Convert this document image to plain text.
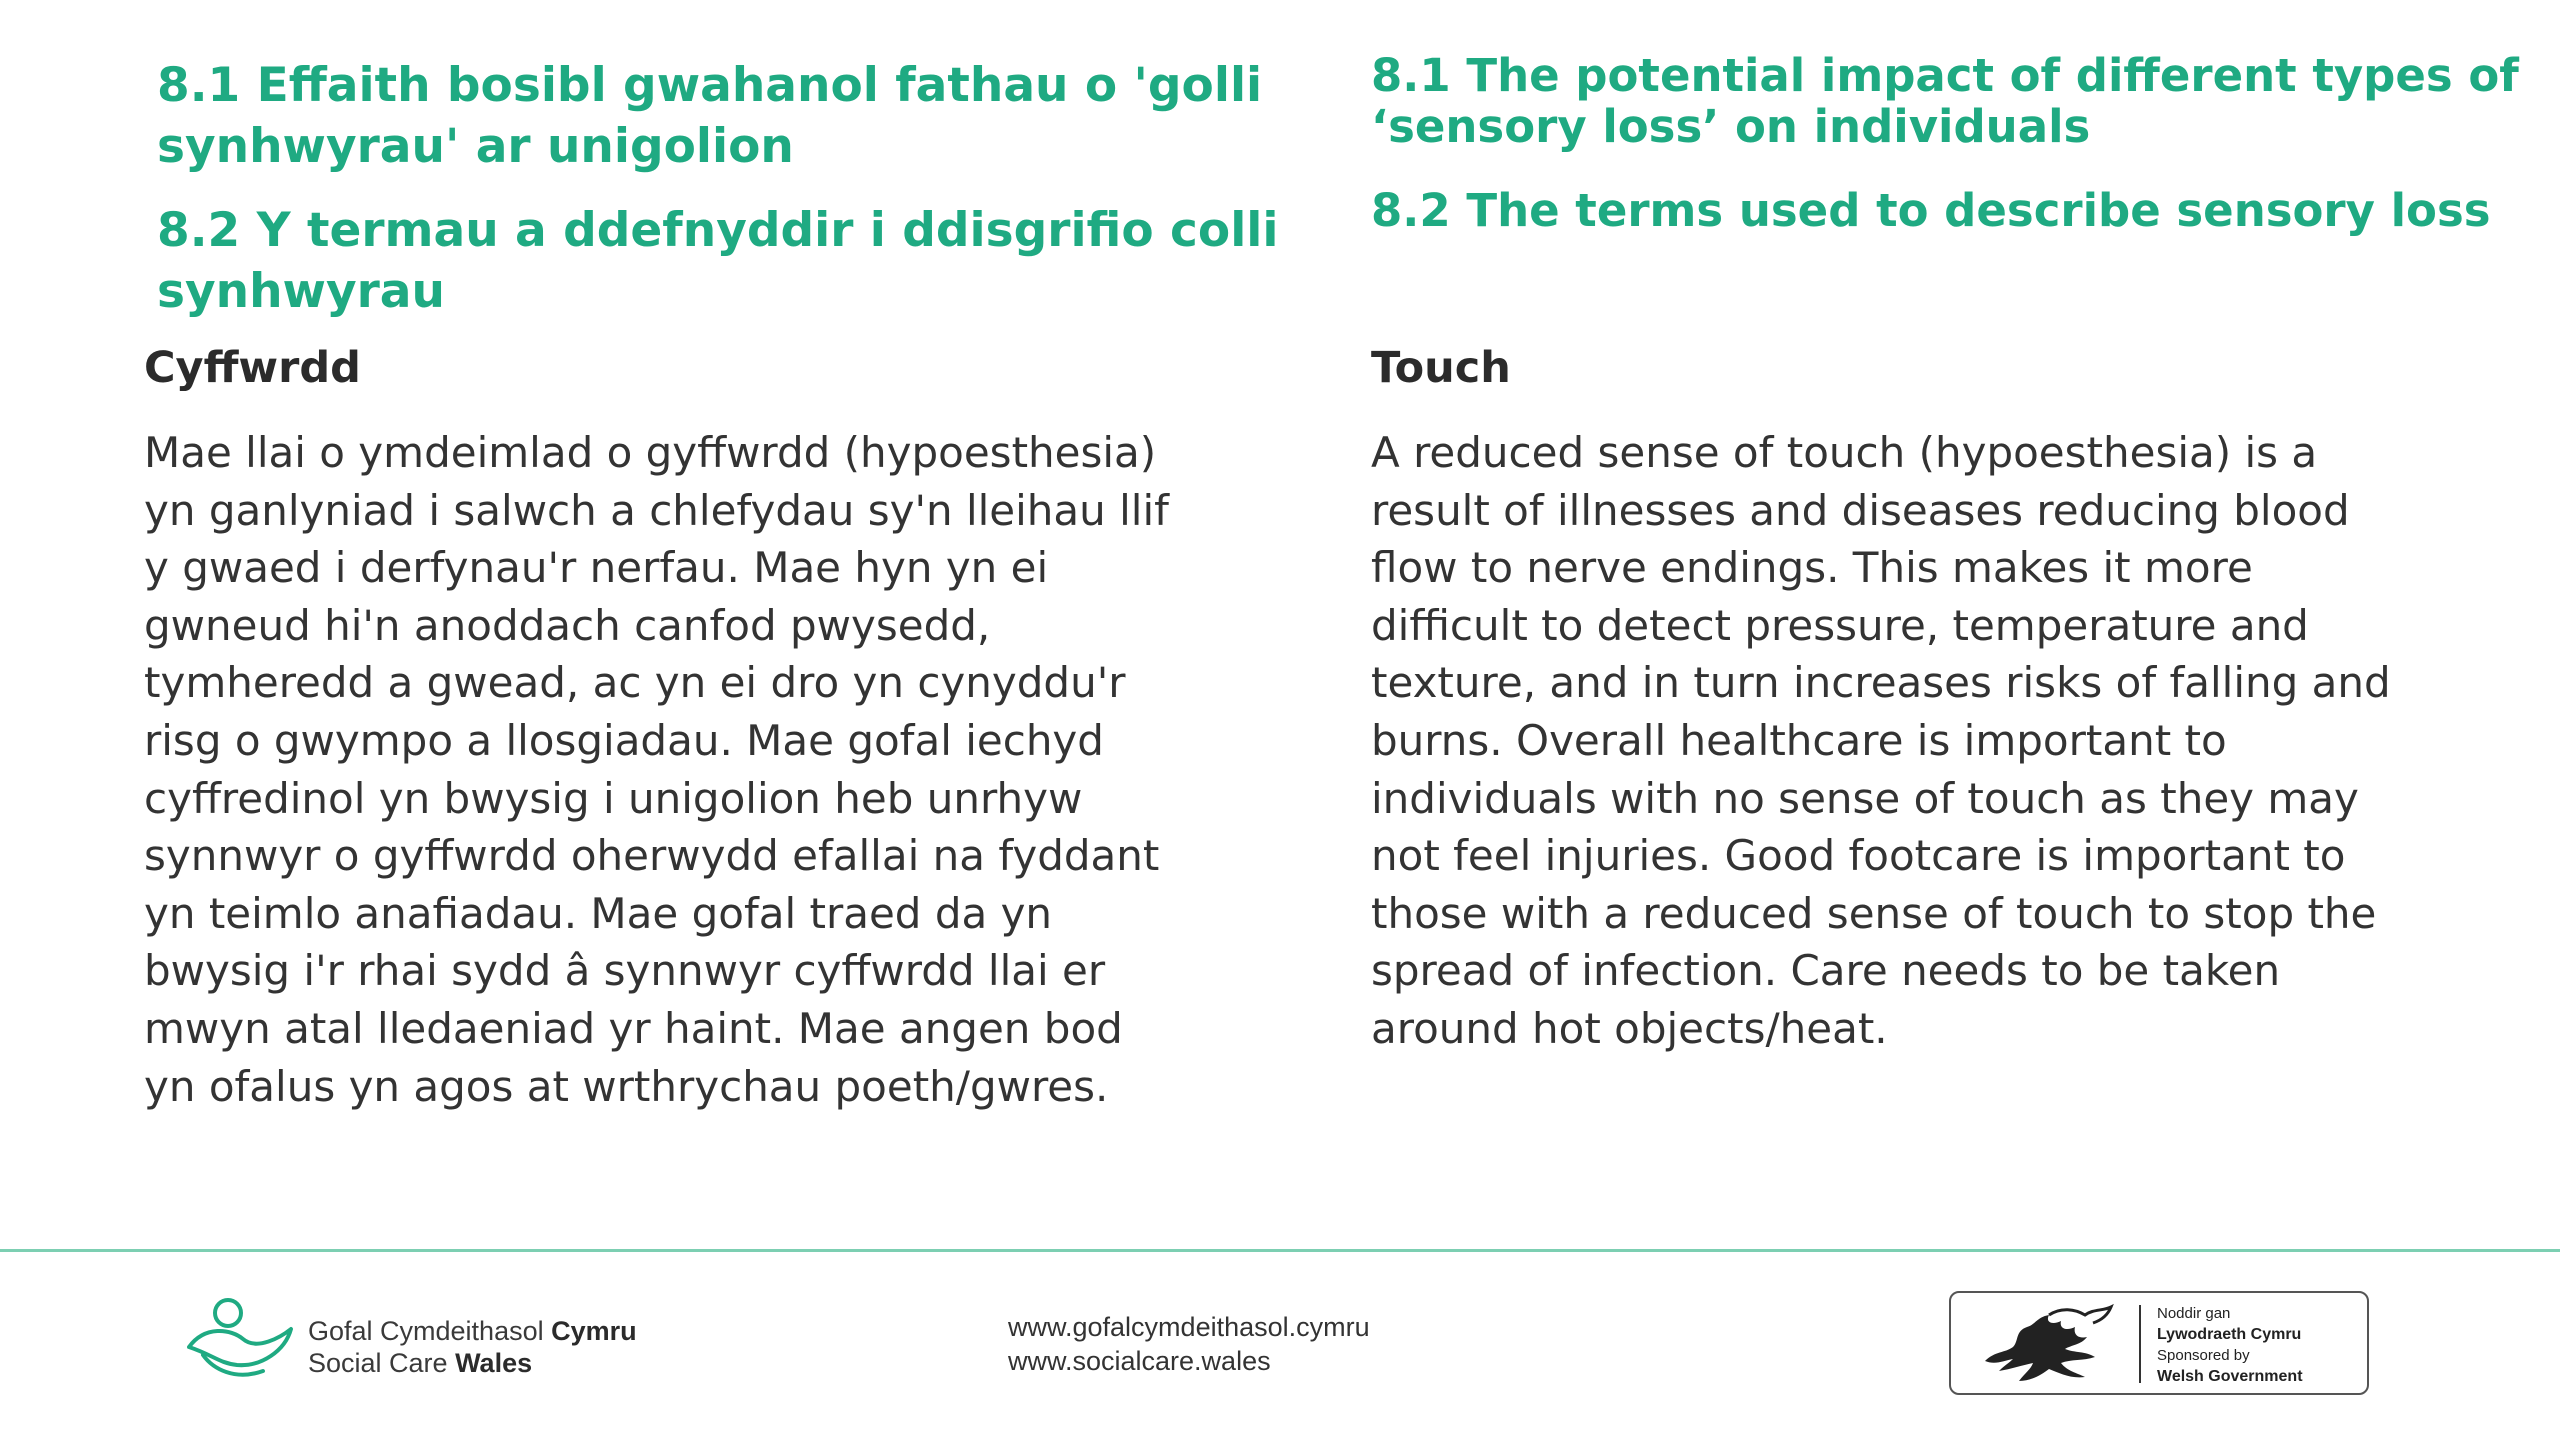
8.1 Effaith bosibl gwahanol fathau o 'golli
synhwyrau' ar unigolion
8.2 Y termau a ddefnyddir i ddisgrifio colli
synhwyrau
Cyffwrdd

Mae llai o ymdeimlad o gyffwrdd (hypoesthesia)
yn ganlyniad i salwch a chlefydau sy'n lleihau llif
y gwaed i derfynau'r nerfau. Mae hyn yn ei
gwneud hi'n anoddach canfod pwysedd,
tymheredd a gwead, ac yn ei dro yn cynyddu'r
risg o gwympo a llosgiadau. Mae gofal iechyd
cyffredinol yn bwysig i unigolion heb unrhyw
synnwyr o gyffwrdd oherwydd efallai na fyddant
yn teimlo anafiadau. Mae gofal traed da yn
bwysig i'r rhai sydd â synnwyr cyffwrdd llai er
mwyn atal lledaeniad yr haint. Mae angen bod
yn ofalus yn agos at wrthrychau poeth/gwres.

8.1 The potential impact of different types of
‘sensory loss’ on individuals
8.2 The terms used to describe sensory loss
Touch

A reduced sense of touch (hypoesthesia) is a
result of illnesses and diseases reducing blood
flow to nerve endings. This makes it more
difficult to detect pressure, temperature and
texture, and in turn increases risks of falling and
burns. Overall healthcare is important to
individuals with no sense of touch as they may
not feel injuries. Good footcare is important to
those with a reduced sense of touch to stop the
spread of infection. Care needs to be taken
around hot objects/heat.

Gofal Cymdeithasol Cymru
Social Care Wales
www.gofalcymdeithasol.cymru
www.socialcare.wales
Noddir gan
Lywodraeth Cymru
Sponsored by
Welsh Government
